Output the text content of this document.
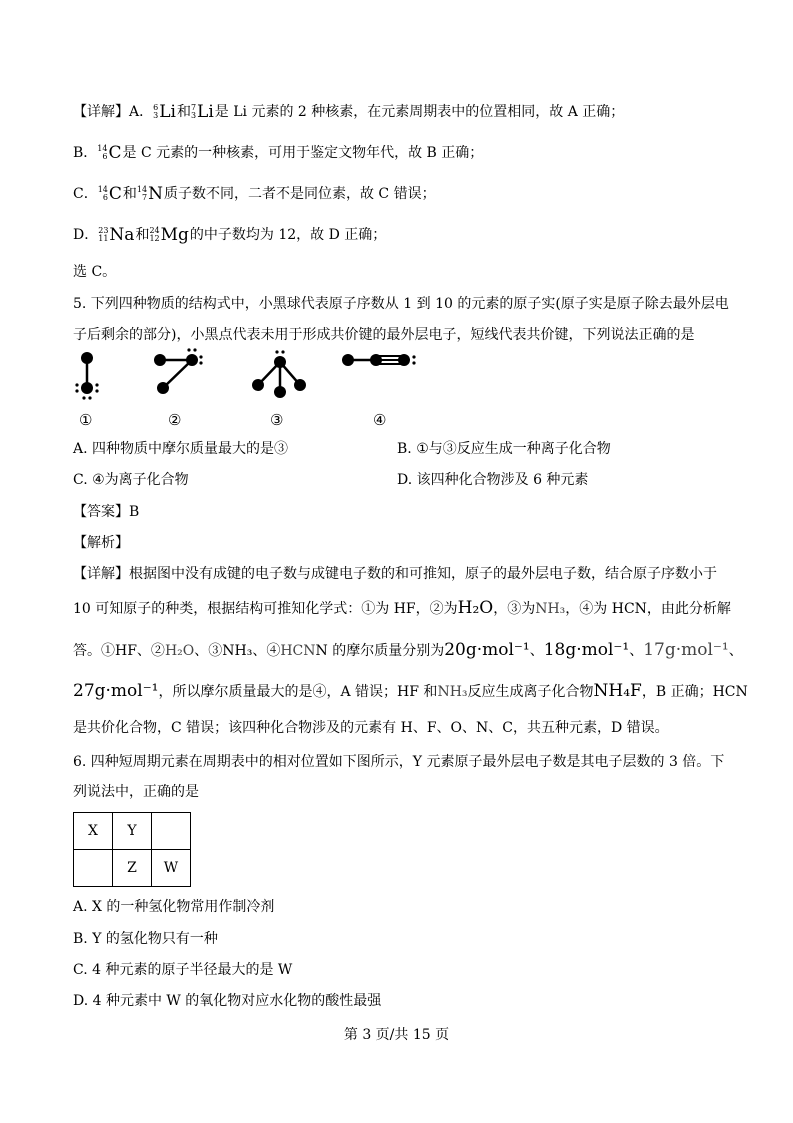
【详解】A． 6
3 Li和 7
3 Li是 Li 元素的 2 种核素，在元素周期表中的位置相同，故 A 正确；
B． 14
6 C是 C 元素的一种核素，可用于鉴定文物年代，故 B 正确；
C． 14
6 C和 14
7 N质子数不同，二者不是同位素，故 C 错误；
D． 23
11 Na和 24
12 Mg的中子数均为 12，故 D 正确；
选 C。
5. 下列四种物质的结构式中，小黑球代表原子序数从 1 到 10 的元素的原子实(原子实是原子除去最外层电
子后剩余的部分)，小黑点代表未用于形成共价键的最外层电子，短线代表共价键，下列说法正确的是
①	②	③	④
A. 四种物质中摩尔质量最大的是③	B. ①与③反应生成一种离子化合物
C. ④为离子化合物	D. 该四种化合物涉及 6 种元素
【答案】B
【解析】
【详解】根据图中没有成键的电子数与成键电子数的和可推知，原子的最外层电子数，结合原子序数小于
10 可知原子的种类，根据结构可推知化学式：①为 HF，②为H₂O，③为NH₃，④为 HCN，由此分析解
答。①HF、②H₂O、③NH₃、④HCNN 的摩尔质量分别为20g·mol⁻¹、18g·mol⁻¹、17g·mol⁻¹、
27g·mol⁻¹，所以摩尔质量最大的是④，A 错误；HF 和NH₃反应生成离子化合物NH₄F，B 正确；HCN
是共价化合物，C 错误；该四种化合物涉及的元素有 H、F、O、N、C，共五种元素，D 错误。
6. 四种短周期元素在周期表中的相对位置如下图所示，Y 元素原子最外层电子数是其电子层数的 3 倍。下
列说法中，正确的是
X	Y	
	Z	W
A. X 的一种氢化物常用作制冷剂
B. Y 的氢化物只有一种
C. 4 种元素的原子半径最大的是 W
D. 4 种元素中 W 的氧化物对应水化物的酸性最强
第 3 页/共 15 页
